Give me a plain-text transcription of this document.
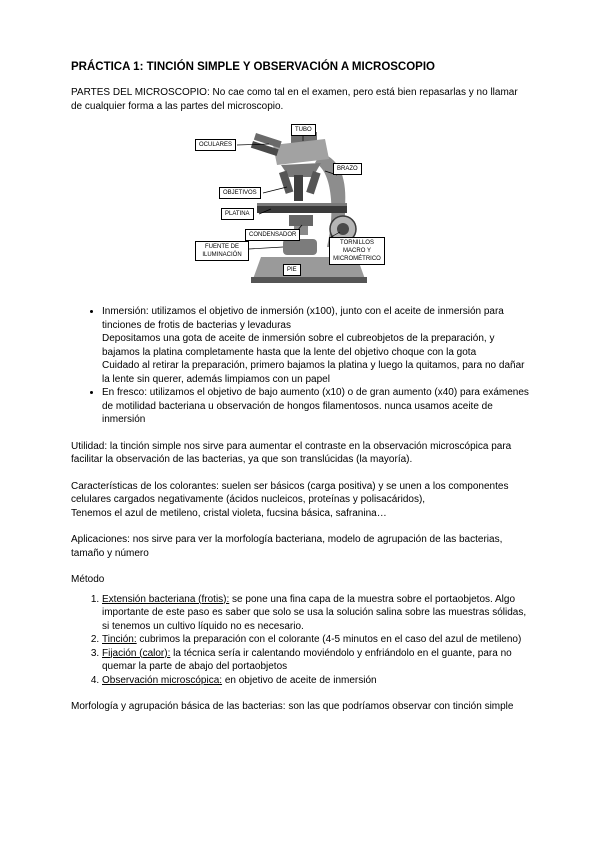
PRÁCTICA 1: TINCIÓN SIMPLE Y OBSERVACIÓN A MICROSCOPIO

PARTES DEL MICROSCOPIO: No cae como tal en el examen, pero está bien repasarlas y no llamar de cualquier forma a las partes del microscopio.

OCULARES
TUBO
BRAZO
OBJETIVOS
PLATINA
CONDENSADOR
FUENTE DE ILUMINACIÓN
TORNILLOS MACRO Y MICROMÉTRICO
PIE
• Inmersión: utilizamos el objetivo de inmersión (x100), junto con el aceite de inmersión para tinciones de frotis de bacterias y levaduras
Depositamos una gota de aceite de inmersión sobre el cubreobjetos de la preparación, y bajamos la platina completamente hasta que la lente del objetivo choque con la gota
Cuidado al retirar la preparación, primero bajamos la platina y luego la quitamos, para no dañar la lente sin querer, además limpiamos con un papel
• En fresco: utilizamos el objetivo de bajo aumento (x10) o de gran aumento (x40) para exámenes de motilidad bacteriana u observación de hongos filamentosos. nunca usamos aceite de inmersión

Utilidad: la tinción simple nos sirve para aumentar el contraste en la observación microscópica para facilitar la observación de las bacterias, ya que son translúcidas (la mayoría).

Características de los colorantes: suelen ser básicos (carga positiva) y se unen a los componentes celulares cargados negativamente (ácidos nucleicos, proteínas y polisacáridos),
Tenemos el azul de metileno, cristal violeta, fucsina básica, safranina…

Aplicaciones: nos sirve para ver la morfología bacteriana, modelo de agrupación de las bacterias, tamaño y número

Método

1. Extensión bacteriana (frotis): se pone una fina capa de la muestra sobre el portaobjetos. Algo importante de este paso es saber que solo se usa la solución salina sobre las muestras sólidas, si tenemos un cultivo líquido no es necesario.
2. Tinción: cubrimos la preparación con el colorante (4-5 minutos en el caso del azul de metileno)
3. Fijación (calor): la técnica sería ir calentando moviéndolo y enfriándolo en el guante, para no quemar la parte de abajo del portaobjetos
4. Observación microscópica: en objetivo de aceite de inmersión

Morfología y agrupación básica de las bacterias: son las que podríamos observar con tinción simple
